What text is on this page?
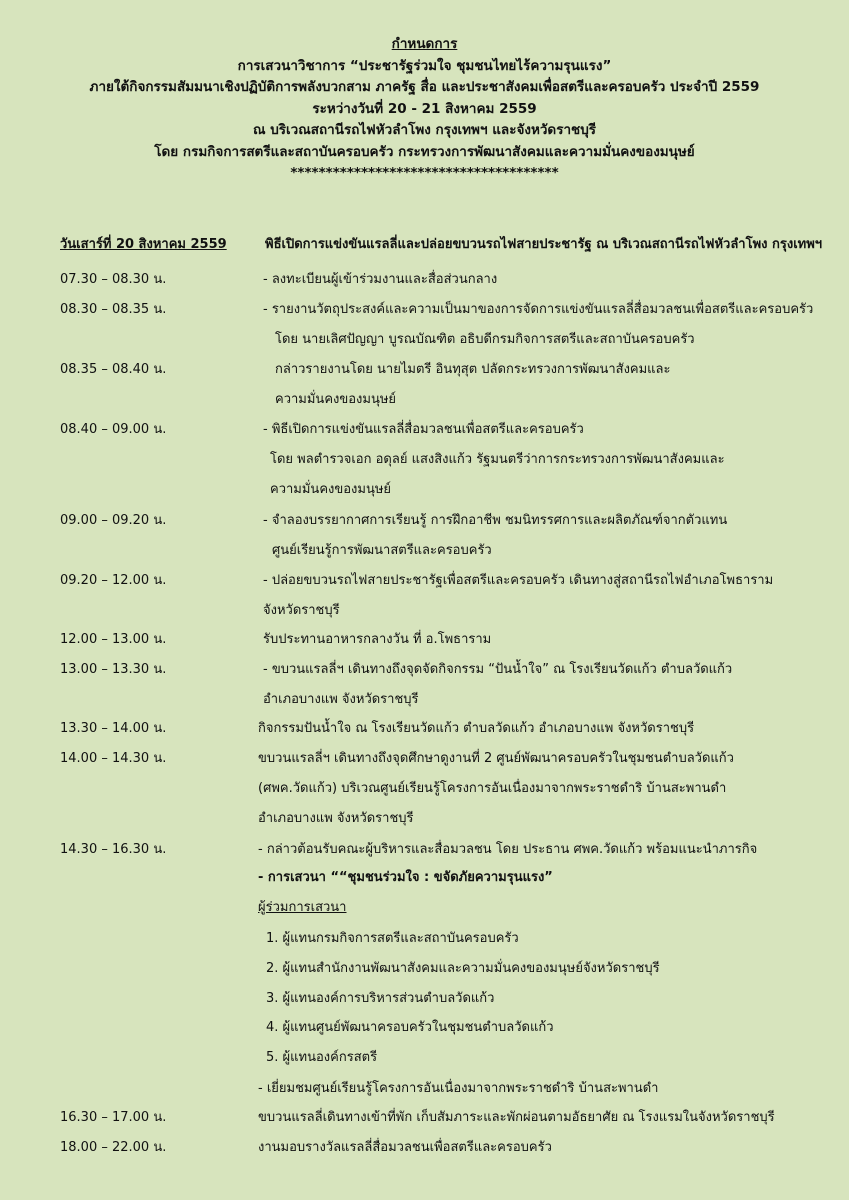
กำหนดการ
การเสวนาวิชาการ “ประชารัฐร่วมใจ ชุมชนไทยไร้ความรุนแรง”
ภายใต้กิจกรรมสัมมนาเชิงปฏิบัติการพลังบวกสาม ภาครัฐ สื่อ และประชาสังคมเพื่อสตรีและครอบครัว ประจำปี 2559
ระหว่างวันที่ 20 - 21 สิงหาคม 2559
ณ บริเวณสถานีรถไฟหัวลำโพง กรุงเทพฯ และจังหวัดราชบุรี
โดย กรมกิจการสตรีและสถาบันครอบครัว กระทรวงการพัฒนาสังคมและความมั่นคงของมนุษย์
**************************************
วันเสาร์ที่ 20 สิงหาคม 2559	พิธีเปิดการแข่งขันแรลลี่และปล่อยขบวนรถไฟสายประชารัฐ ณ บริเวณสถานีรถไฟหัวลำโพง กรุงเทพฯ
07.30 – 08.30 น.	- ลงทะเบียนผู้เข้าร่วมงานและสื่อส่วนกลาง
08.30 – 08.35 น.	- รายงานวัตถุประสงค์และความเป็นมาของการจัดการแข่งขันแรลลี่สื่อมวลชนเพื่อสตรีและครอบครัว
โดย นายเลิศปัญญา บูรณบัณฑิต อธิบดีกรมกิจการสตรีและสถาบันครอบครัว
08.35 – 08.40 น.	กล่าวรายงานโดย นายไมตรี อินทุสุต ปลัดกระทรวงการพัฒนาสังคมและ
ความมั่นคงของมนุษย์
08.40 – 09.00 น.	- พิธีเปิดการแข่งขันแรลลี่สื่อมวลชนเพื่อสตรีและครอบครัว
โดย พลตำรวจเอก อดุลย์ แสงสิงแก้ว รัฐมนตรีว่าการกระทรวงการพัฒนาสังคมและ
ความมั่นคงของมนุษย์
09.00 – 09.20 น.	- จำลองบรรยากาศการเรียนรู้ การฝึกอาชีพ ชมนิทรรศการและผลิตภัณฑ์จากตัวแทน
ศูนย์เรียนรู้การพัฒนาสตรีและครอบครัว
09.20 – 12.00 น.	- ปล่อยขบวนรถไฟสายประชารัฐเพื่อสตรีและครอบครัว เดินทางสู่สถานีรถไฟอำเภอโพธาราม
จังหวัดราชบุรี
12.00 – 13.00 น.	รับประทานอาหารกลางวัน ที่ อ.โพธาราม
13.00 – 13.30 น.	- ขบวนแรลลี่ฯ เดินทางถึงจุดจัดกิจกรรม “ปันน้ำใจ” ณ โรงเรียนวัดแก้ว ตำบลวัดแก้ว
อำเภอบางแพ จังหวัดราชบุรี
13.30 – 14.00 น.	กิจกรรมปันน้ำใจ ณ โรงเรียนวัดแก้ว ตำบลวัดแก้ว อำเภอบางแพ จังหวัดราชบุรี
14.00 – 14.30 น.	ขบวนแรลลี่ฯ เดินทางถึงจุดศึกษาดูงานที่ 2 ศูนย์พัฒนาครอบครัวในชุมชนตำบลวัดแก้ว
(ศพค.วัดแก้ว) บริเวณศูนย์เรียนรู้โครงการอันเนื่องมาจากพระราชดำริ บ้านสะพานดำ
อำเภอบางแพ จังหวัดราชบุรี
14.30 – 16.30 น.	- กล่าวต้อนรับคณะผู้บริหารและสื่อมวลชน โดย ประธาน ศพค.วัดแก้ว พร้อมแนะนำภารกิจ
- การเสวนา ““ชุมชนร่วมใจ : ขจัดภัยความรุนแรง”
ผู้ร่วมการเสวนา
1. ผู้แทนกรมกิจการสตรีและสถาบันครอบครัว
2. ผู้แทนสำนักงานพัฒนาสังคมและความมั่นคงของมนุษย์จังหวัดราชบุรี
3. ผู้แทนองค์การบริหารส่วนตำบลวัดแก้ว
4. ผู้แทนศูนย์พัฒนาครอบครัวในชุมชนตำบลวัดแก้ว
5. ผู้แทนองค์กรสตรี
- เยี่ยมชมศูนย์เรียนรู้โครงการอันเนื่องมาจากพระราชดำริ บ้านสะพานดำ
16.30 – 17.00 น.	ขบวนแรลลี่เดินทางเข้าที่พัก เก็บสัมภาระและพักผ่อนตามอัธยาศัย ณ โรงแรมในจังหวัดราชบุรี
18.00 – 22.00 น.	งานมอบรางวัลแรลลี่สื่อมวลชนเพื่อสตรีและครอบครัว
